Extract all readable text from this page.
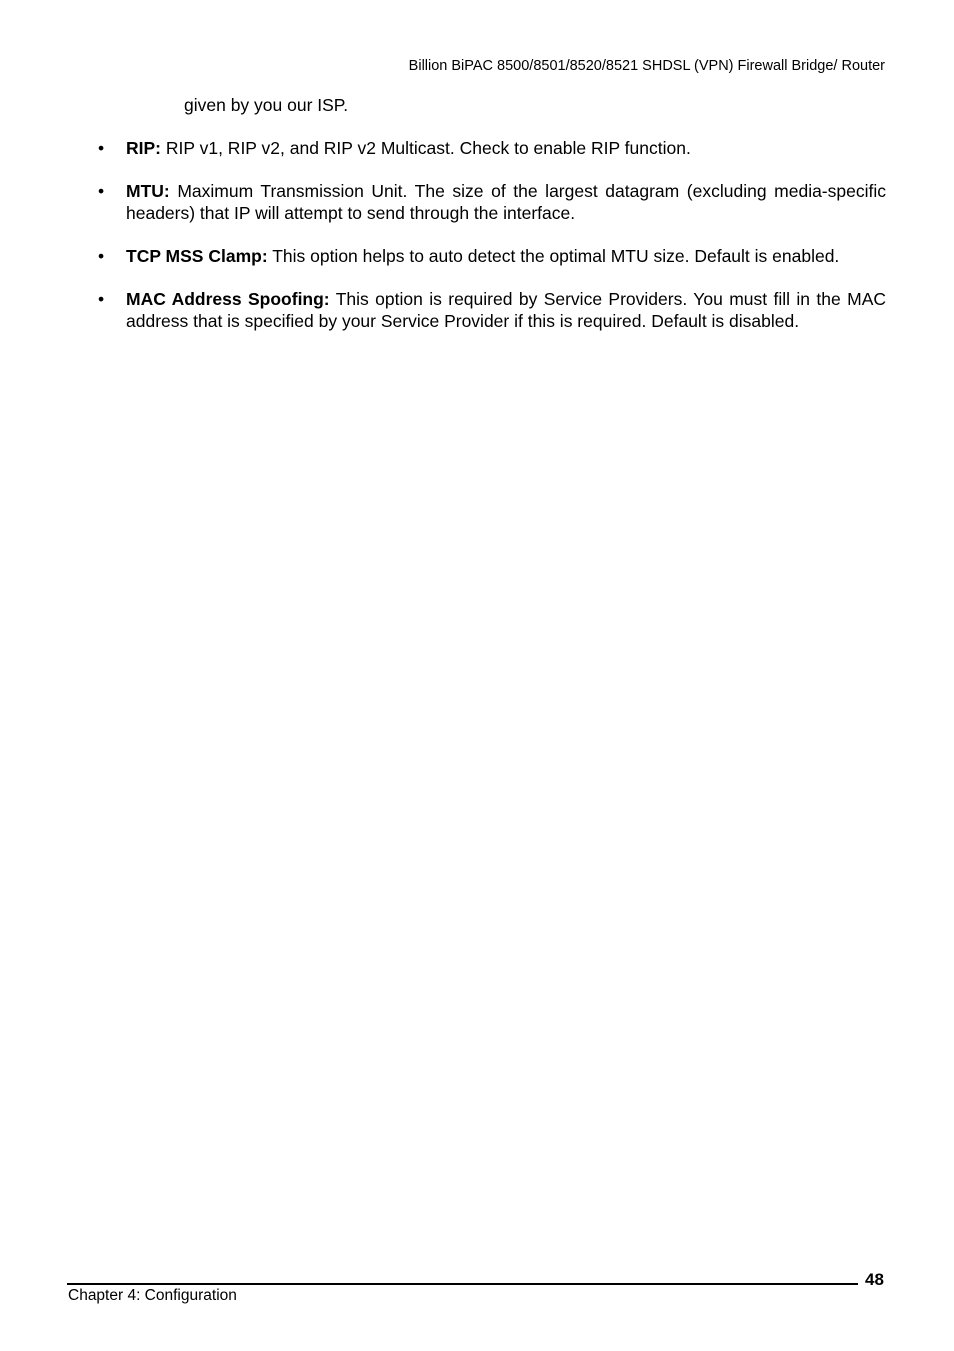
Billion BiPAC 8500/8501/8520/8521 SHDSL (VPN) Firewall Bridge/ Router
given by you our ISP.
• RIP: RIP v1, RIP v2, and RIP v2 Multicast. Check to enable RIP function.
• MTU: Maximum Transmission Unit. The size of the largest datagram (excluding media-specific headers) that IP will attempt to send through the interface.
• TCP MSS Clamp: This option helps to auto detect the optimal MTU size. Default is enabled.
• MAC Address Spoofing: This option is required by Service Providers. You must fill in the MAC address that is specified by your Service Provider if this is required. Default is disabled.
48
Chapter 4: Configuration
